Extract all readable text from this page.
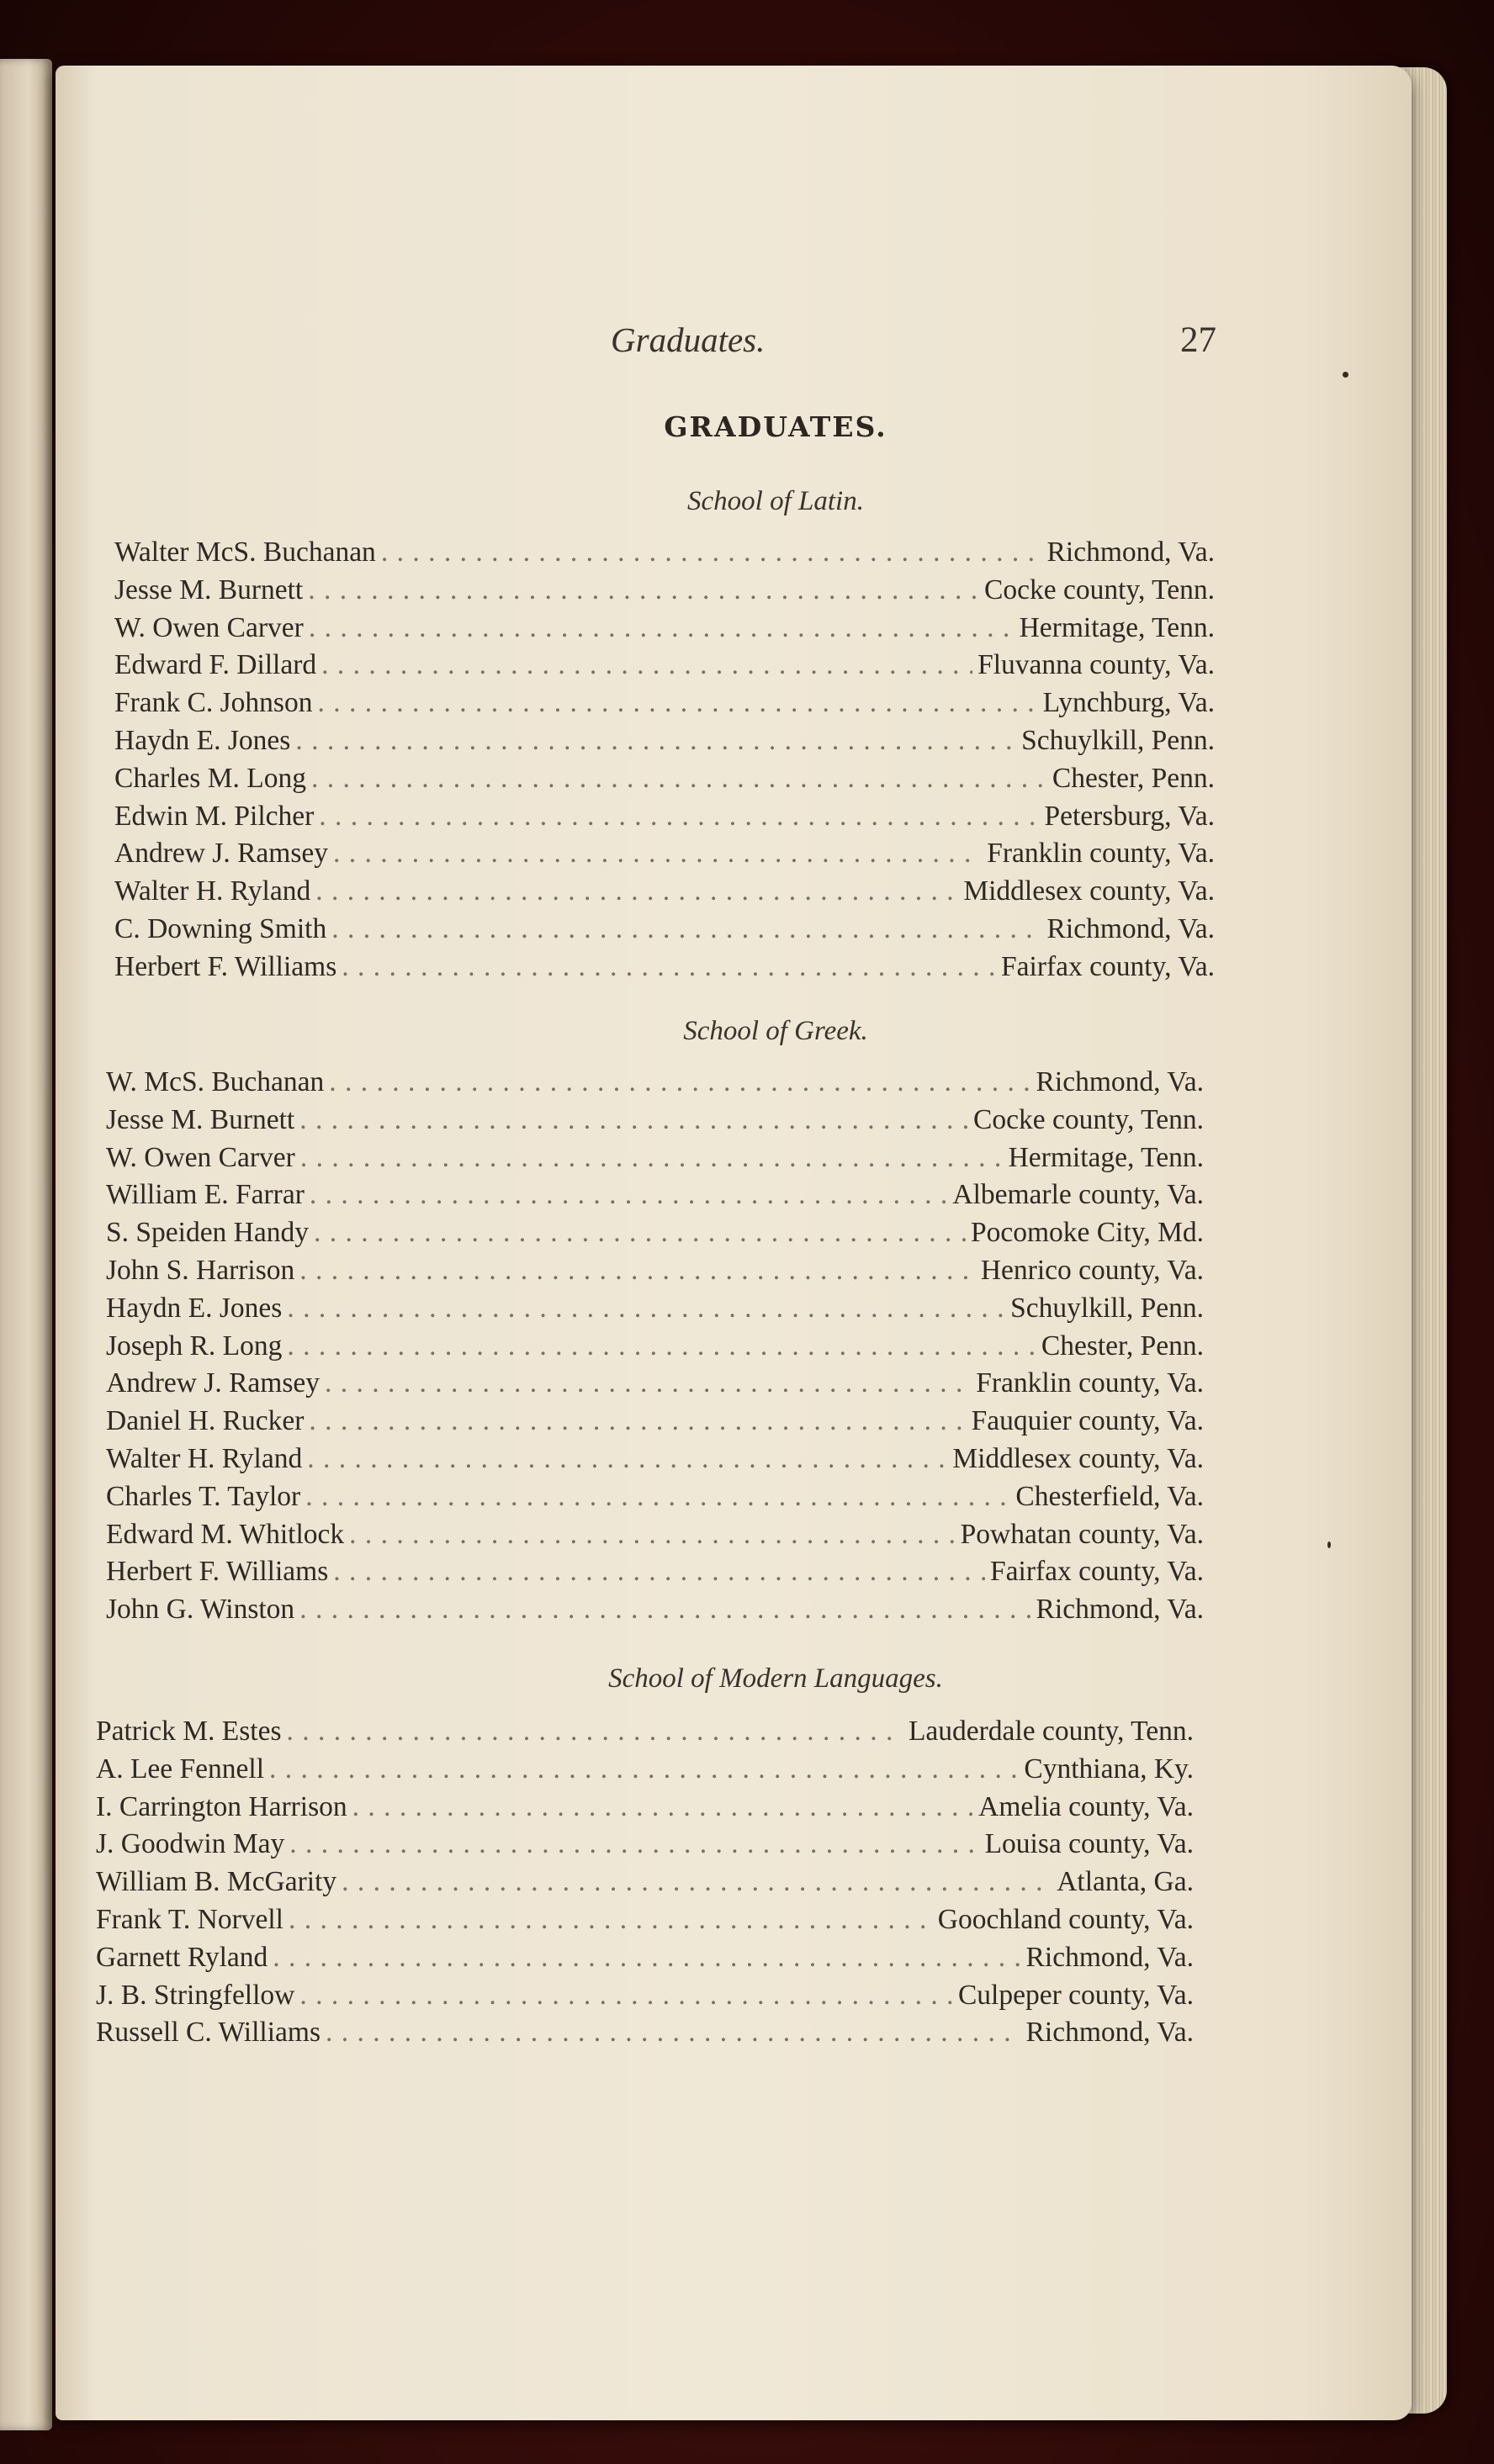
Graduates.	27
GRADUATES.
School of Latin.
Walter McS. Buchanan . . .	Richmond, Va.
Jesse M. Burnett . . .	Cocke county, Tenn.
W. Owen Carver . . .	Hermitage, Tenn.
Edward F. Dillard . . .	Fluvanna county, Va.
Frank C. Johnson . . .	Lynchburg, Va.
Haydn E. Jones . . .	Schuylkill, Penn.
Charles M. Long . . .	Chester, Penn.
Edwin M. Pilcher . . .	Petersburg, Va.
Andrew J. Ramsey . . .	Franklin county, Va.
Walter H. Ryland . . .	Middlesex county, Va.
C. Downing Smith . . .	Richmond, Va.
Herbert F. Williams . . .	Fairfax county, Va.
School of Greek.
W. McS. Buchanan . . .	Richmond, Va.
Jesse M. Burnett . . .	Cocke county, Tenn.
W. Owen Carver . . .	Hermitage, Tenn.
William E. Farrar . . .	Albemarle county, Va.
S. Speiden Handy . . .	Pocomoke City, Md.
John S. Harrison . . .	Henrico county, Va.
Haydn E. Jones . . .	Schuylkill, Penn.
Joseph R. Long . . .	Chester, Penn.
Andrew J. Ramsey . . .	Franklin county, Va.
Daniel H. Rucker . . .	Fauquier county, Va.
Walter H. Ryland . . .	Middlesex county, Va.
Charles T. Taylor . . .	Chesterfield, Va.
Edward M. Whitlock . . .	Powhatan county, Va.
Herbert F. Williams . . .	Fairfax county, Va.
John G. Winston . . .	Richmond, Va.
School of Modern Languages.
Patrick M. Estes . . .	Lauderdale county, Tenn.
A. Lee Fennell . . .	Cynthiana, Ky.
I. Carrington Harrison . . .	Amelia county, Va.
J. Goodwin May . . .	Louisa county, Va.
William B. McGarity . . .	Atlanta, Ga.
Frank T. Norvell . . .	Goochland county, Va.
Garnett Ryland . . .	Richmond, Va.
J. B. Stringfellow . . .	Culpeper county, Va.
Russell C. Williams . . .	Richmond, Va.
